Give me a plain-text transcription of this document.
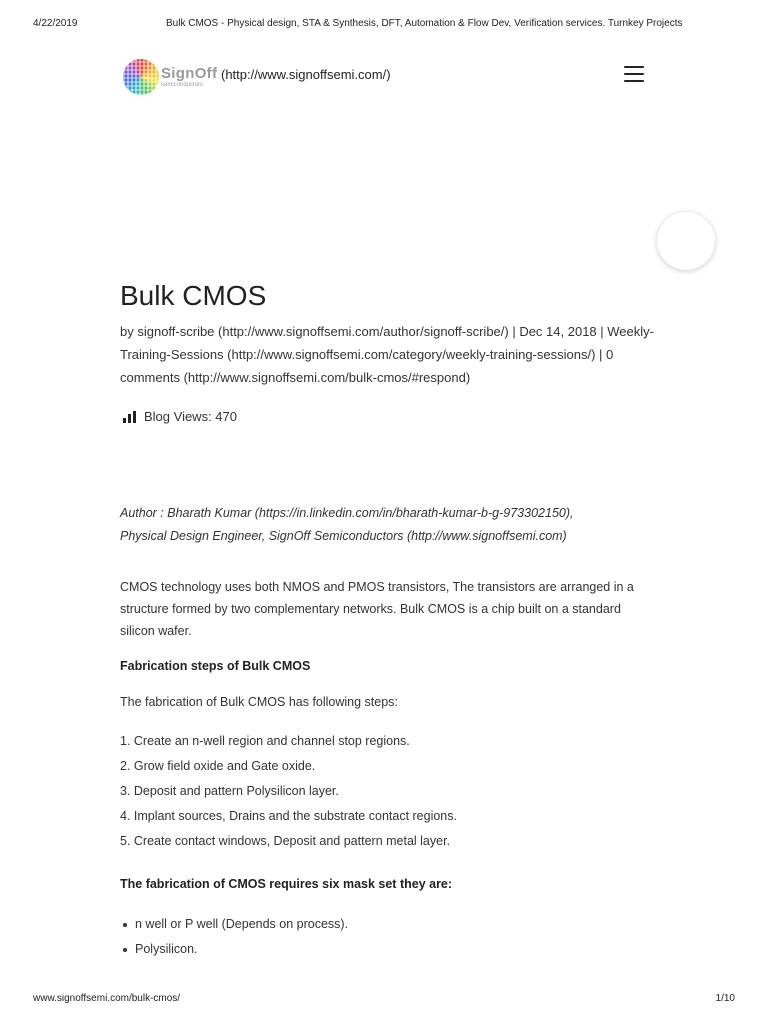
4/22/2019	Bulk CMOS - Physical design, STA & Synthesis, DFT, Automation & Flow Dev, Verification services. Turnkey Projects
SignOff
semiconductors
(http://www.signoffsemi.com/)
Bulk CMOS

by signoff-scribe (http://www.signoffsemi.com/author/signoff-scribe/) | Dec 14, 2018 | Weekly-Training-Sessions (http://www.signoffsemi.com/category/weekly-training-sessions/) | 0 comments (http://www.signoffsemi.com/bulk-cmos/#respond)

Blog Views: 470

Author : Bharath Kumar (https://in.linkedin.com/in/bharath-kumar-b-g-973302150),
Physical Design Engineer, SignOff Semiconductors (http://www.signoffsemi.com)

CMOS technology uses both NMOS and PMOS transistors, The transistors are arranged in a structure formed by two complementary networks. Bulk CMOS is a chip built on a standard silicon wafer.

Fabrication steps of Bulk CMOS

The fabrication of Bulk CMOS has following steps:

1. Create an n-well region and channel stop regions.
2. Grow field oxide and Gate oxide.
3. Deposit and pattern Polysilicon layer.
4. Implant sources, Drains and the substrate contact regions.
5. Create contact windows, Deposit and pattern metal layer.

The fabrication of CMOS requires six mask set they are:

n well or P well (Depends on process).
Polysilicon.
www.signoffsemi.com/bulk-cmos/	1/10
